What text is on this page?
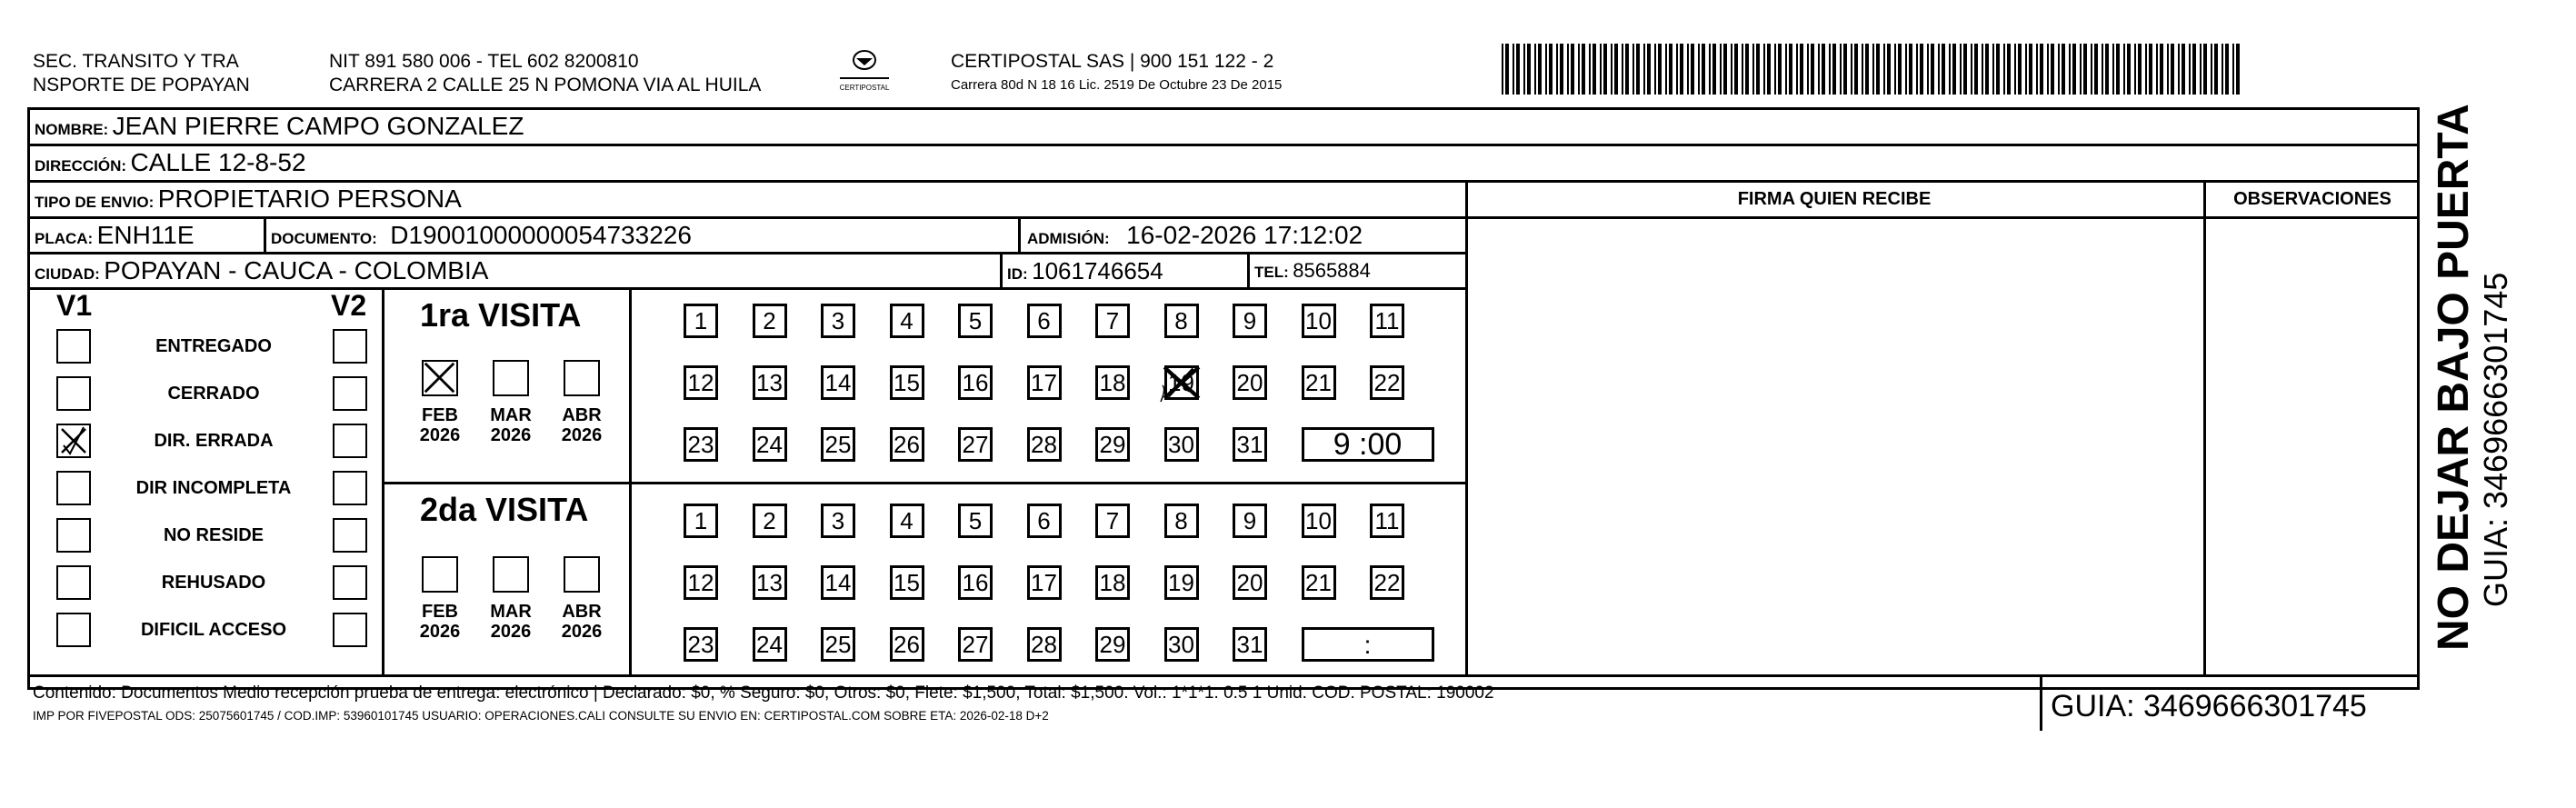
SEC. TRANSITO Y TRA
NSPORTE DE POPAYAN
NIT 891 580 006 - TEL 602 8200810
CARRERA 2 CALLE 25 N POMONA VIA AL HUILA	CERTIPOSTAL
CERTIPOSTAL SAS | 900 151 122 - 2
Carrera 80d N 18 16 Lic. 2519 De Octubre 23 De 2015
NOMBRE: JEAN PIERRE CAMPO GONZALEZ
DIRECCIÓN: CALLE 12-8-52
TIPO DE ENVIO: PROPIETARIO PERSONA	FIRMA QUIEN RECIBE	OBSERVACIONES
PLACA: ENH11E	DOCUMENTO: D19001000000054733226	ADMISIÓN: 16-02-2026 17:12:02
CIUDAD: POPAYAN - CAUCA - COLOMBIA	ID: 1061746654	TEL: 8565884
V1	V2
ENTREGADO
CERRADO
DIR. ERRADA
DIR INCOMPLETA
NO RESIDE
REHUSADO
DIFICIL ACCESO
1ra VISITA
FEB
2026
MAR
2026
ABR
2026
1	2	3	4	5	6	7	8	9	10 11
12 13 14 15 16 17 18 19 20 21 22
23 24 25 26 27 28 29 30 31	9 :00
2da VISITA
FEB
2026
MAR
2026
ABR
2026
1	2	3	4	5	6	7	8	9	10 11
12 13 14 15 16 17 18 19 20 21 22
23 24 25 26 27 28 29 30 31	:
Contenido: Documentos Medio recepción prueba de entrega: electrónico | Declarado: $0, % Seguro: $0, Otros: $0, Flete: $1,500, Total: $1,500. Vol.: 1*1*1. 0.5 1 Unid. COD. POSTAL: 190002
IMP POR FIVEPOSTAL ODS: 25075601745 / COD.IMP: 53960101745 USUARIO: OPERACIONES.CALI CONSULTE SU ENVIO EN: CERTIPOSTAL.COM SOBRE ETA: 2026-02-18 D+2	GUIA: 3469666301745
NO DEJAR BAJO PUERTA GUIA: 3469666301745
